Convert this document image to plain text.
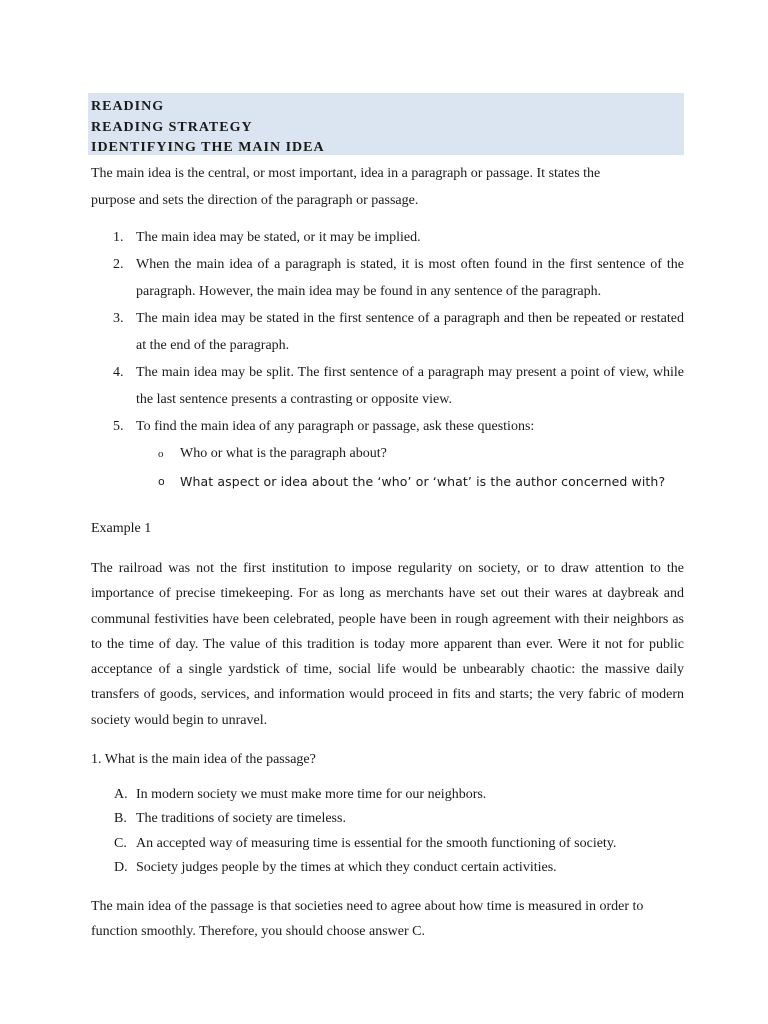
READING

READING STRATEGY

IDENTIFYING THE MAIN IDEA

The main idea is the central, or most important, idea in a paragraph or passage. It states the
purpose and sets the direction of the paragraph or passage.
1. The main idea may be stated, or it may be implied.
2. When the main idea of a paragraph is stated, it is most often found in the first sentence of the paragraph. However, the main idea may be found in any sentence of the paragraph.
3. The main idea may be stated in the first sentence of a paragraph and then be repeated or restated at the end of the paragraph.
4. The main idea may be split. The first sentence of a paragraph may present a point of view, while the last sentence presents a contrasting or opposite view.
5. To find the main idea of any paragraph or passage, ask these questions:
o Who or what is the paragraph about?
o What aspect or idea about the ‘who’ or ‘what’ is the author concerned with?
Example 1
The railroad was not the first institution to impose regularity on society, or to draw attention to the importance of precise timekeeping. For as long as merchants have set out their wares at daybreak and communal festivities have been celebrated, people have been in rough agreement with their neighbors as to the time of day. The value of this tradition is today more apparent than ever. Were it not for public acceptance of a single yardstick of time, social life would be unbearably chaotic: the massive daily transfers of goods, services, and information would proceed in fits and starts; the very fabric of modern society would begin to unravel.
1. What is the main idea of the passage?
A. In modern society we must make more time for our neighbors.
B. The traditions of society are timeless.
C. An accepted way of measuring time is essential for the smooth functioning of society.
D. Society judges people by the times at which they conduct certain activities.
The main idea of the passage is that societies need to agree about how time is measured in order to
function smoothly. Therefore, you should choose answer C.
